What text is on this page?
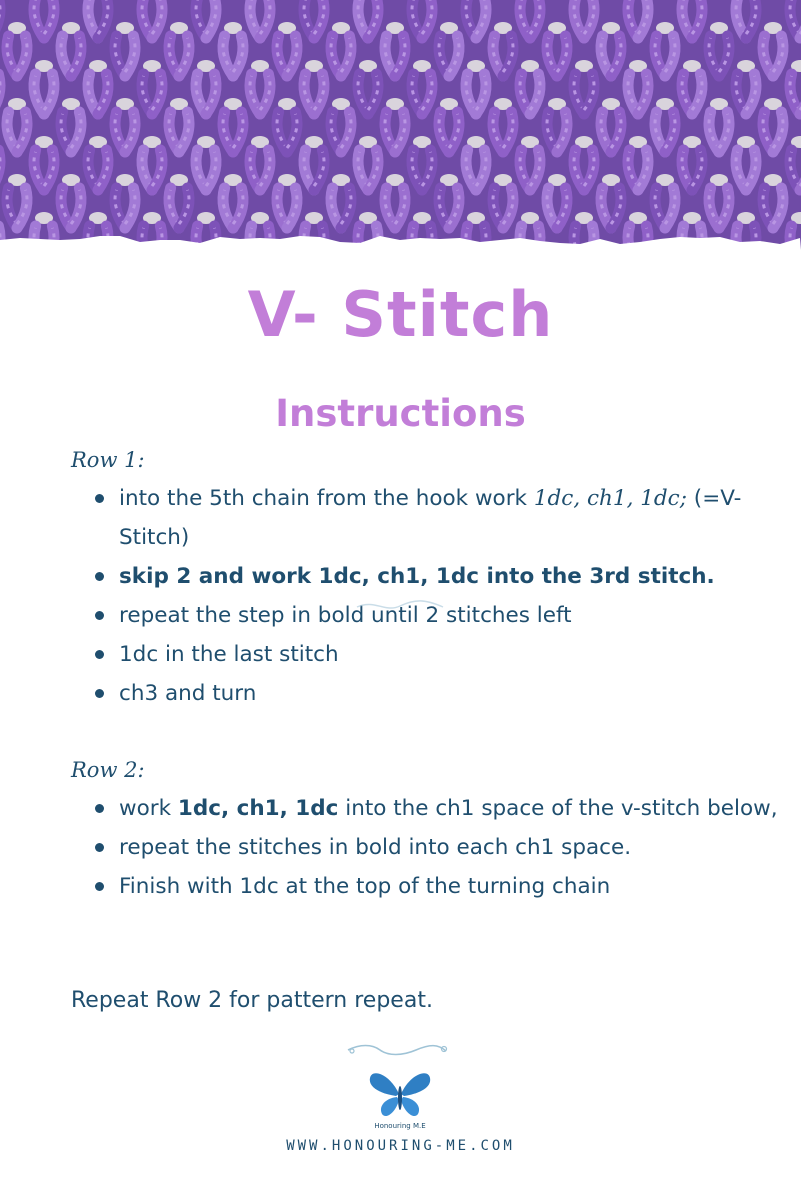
V- Stitch
Instructions
Row 1:
into the 5th chain from the hook work 1dc, ch1, 1dc; (=V-Stitch)
skip 2 and work 1dc, ch1, 1dc into the 3rd stitch.
repeat the step in bold until 2 stitches left
1dc in the last stitch
ch3 and turn
Row 2:
work 1dc, ch1, 1dc into the ch1 space of the v-stitch below,
repeat the stitches in bold into each ch1 space.
Finish with 1dc at the top of the turning chain
Repeat Row 2 for pattern repeat.
Honouring M.E
WWW.HONOURING-ME.COM
